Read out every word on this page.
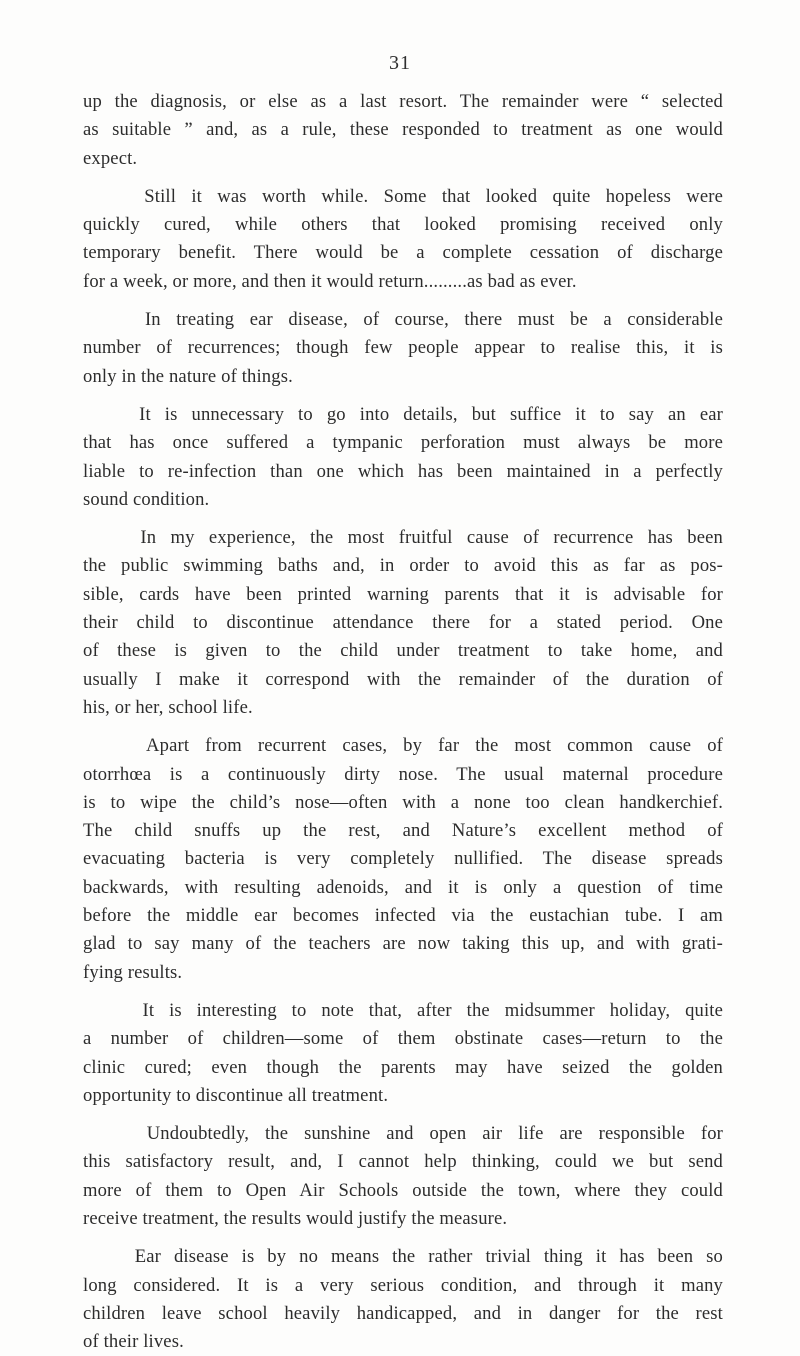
31

up the diagnosis, or else as a last resort. The remainder were “ selected
as suitable ” and, as a rule, these responded to treatment as one would
expect.

Still it was worth while. Some that looked quite hopeless were
quickly cured, while others that looked promising received only
temporary benefit. There would be a complete cessation of discharge
for a week, or more, and then it would return.........as bad as ever.

In treating ear disease, of course, there must be a considerable
number of recurrences; though few people appear to realise this, it is
only in the nature of things.

It is unnecessary to go into details, but suffice it to say an ear
that has once suffered a tympanic perforation must always be more
liable to re-infection than one which has been maintained in a perfectly
sound condition.

In my experience, the most fruitful cause of recurrence has been
the public swimming baths and, in order to avoid this as far as pos-
sible, cards have been printed warning parents that it is advisable for
their child to discontinue attendance there for a stated period. One
of these is given to the child under treatment to take home, and
usually I make it correspond with the remainder of the duration of
his, or her, school life.

Apart from recurrent cases, by far the most common cause of
otorrhœa is a continuously dirty nose. The usual maternal procedure
is to wipe the child’s nose—often with a none too clean handkerchief.
The child snuffs up the rest, and Nature’s excellent method of
evacuating bacteria is very completely nullified. The disease spreads
backwards, with resulting adenoids, and it is only a question of time
before the middle ear becomes infected via the eustachian tube. I am
glad to say many of the teachers are now taking this up, and with grati-
fying results.

It is interesting to note that, after the midsummer holiday, quite
a number of children—some of them obstinate cases—return to the
clinic cured; even though the parents may have seized the golden
opportunity to discontinue all treatment.

Undoubtedly, the sunshine and open air life are responsible for
this satisfactory result, and, I cannot help thinking, could we but send
more of them to Open Air Schools outside the town, where they could
receive treatment, the results would justify the measure.

Ear disease is by no means the rather trivial thing it has been so
long considered. It is a very serious condition, and through it many
children leave school heavily handicapped, and in danger for the rest
of their lives.
